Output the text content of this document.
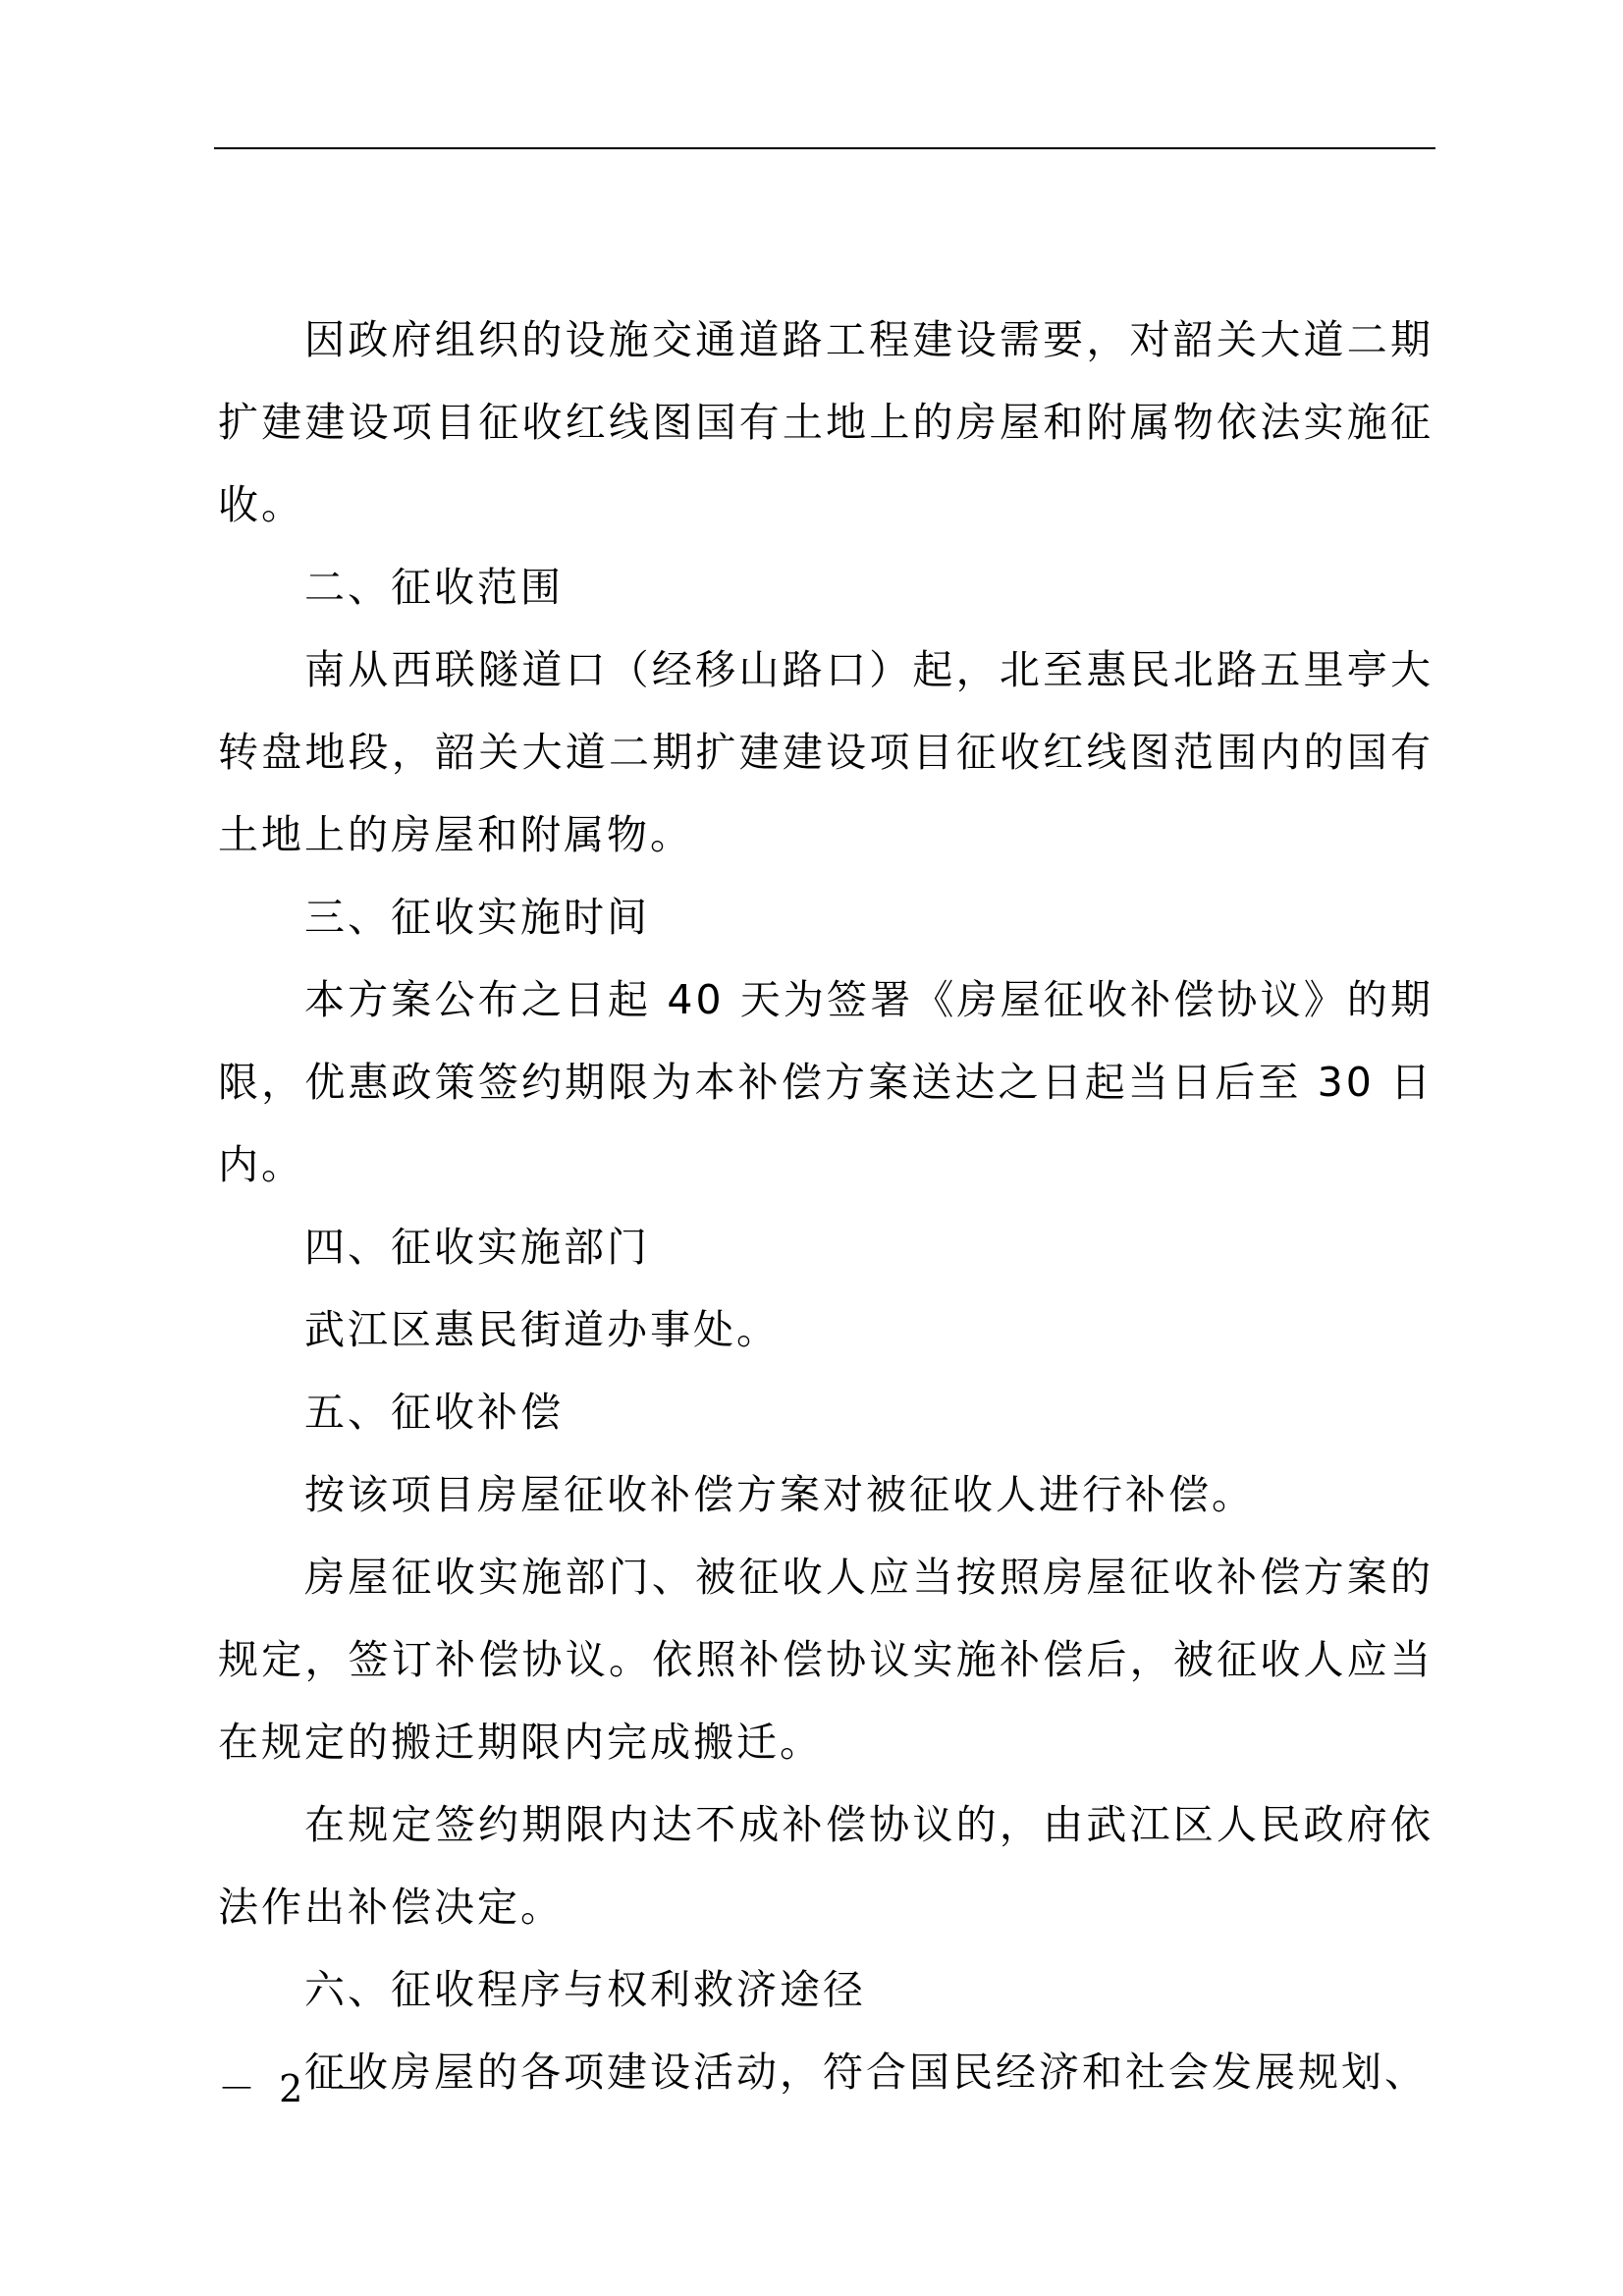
因政府组织的设施交通道路工程建设需要，对韶关大道二期扩建建设项目征收红线图国有土地上的房屋和附属物依法实施征收。

二、征收范围

南从西联隧道口（经移山路口）起，北至惠民北路五里亭大转盘地段，韶关大道二期扩建建设项目征收红线图范围内的国有土地上的房屋和附属物。

三、征收实施时间

本方案公布之日起 40 天为签署《房屋征收补偿协议》的期限，优惠政策签约期限为本补偿方案送达之日起当日后至 30 日内。

四、征收实施部门

武江区惠民街道办事处。

五、征收补偿

按该项目房屋征收补偿方案对被征收人进行补偿。

房屋征收实施部门、被征收人应当按照房屋征收补偿方案的规定，签订补偿协议。依照补偿协议实施补偿后，被征收人应当在规定的搬迁期限内完成搬迁。

在规定签约期限内达不成补偿协议的，由武江区人民政府依法作出补偿决定。

六、征收程序与权利救济途径

征收房屋的各项建设活动，符合国民经济和社会发展规划、

－ 2 －
